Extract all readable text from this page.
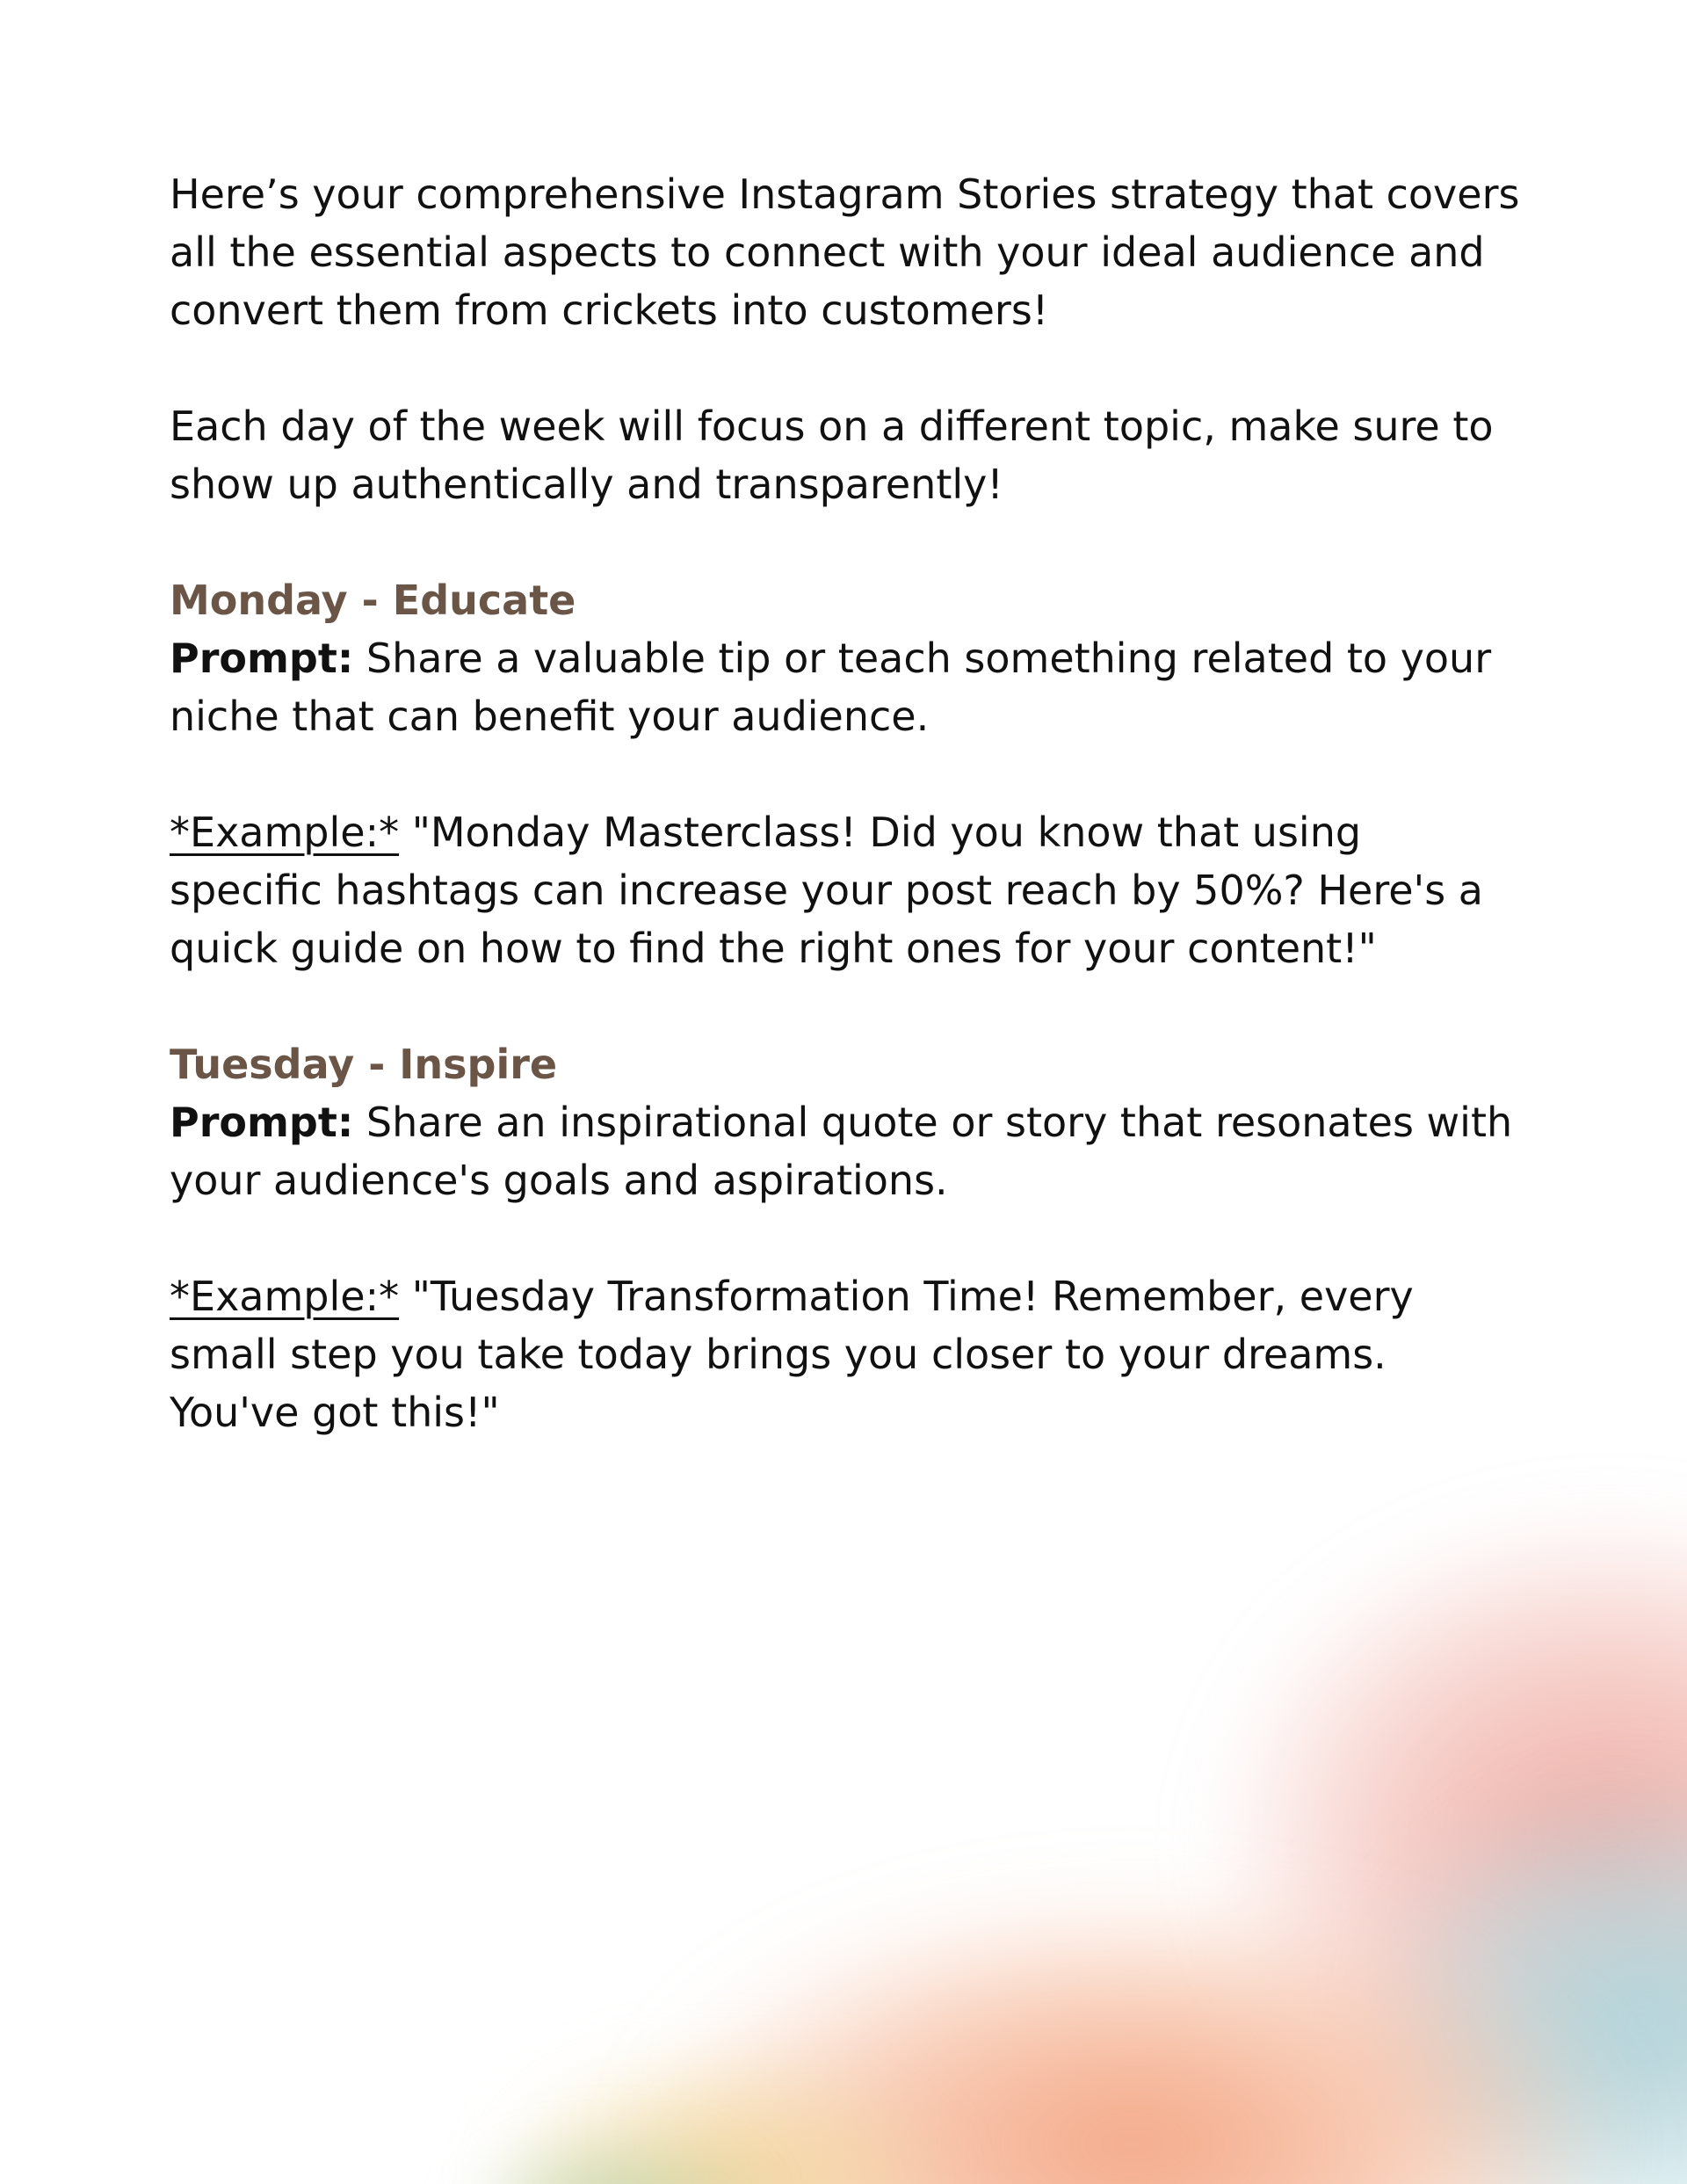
Here’s your comprehensive Instagram Stories strategy that covers all the essential aspects to connect with your ideal audience and convert them from crickets into customers!

Each day of the week will focus on a different topic, make sure to show up authentically and transparently!

Monday - Educate

Prompt: Share a valuable tip or teach something related to your niche that can benefit your audience.

*Example:* "Monday Masterclass! Did you know that using specific hashtags can increase your post reach by 50%? Here's a quick guide on how to find the right ones for your content!"

Tuesday - Inspire

Prompt: Share an inspirational quote or story that resonates with your audience's goals and aspirations.

*Example:* "Tuesday Transformation Time! Remember, every small step you take today brings you closer to your dreams. You've got this!"
